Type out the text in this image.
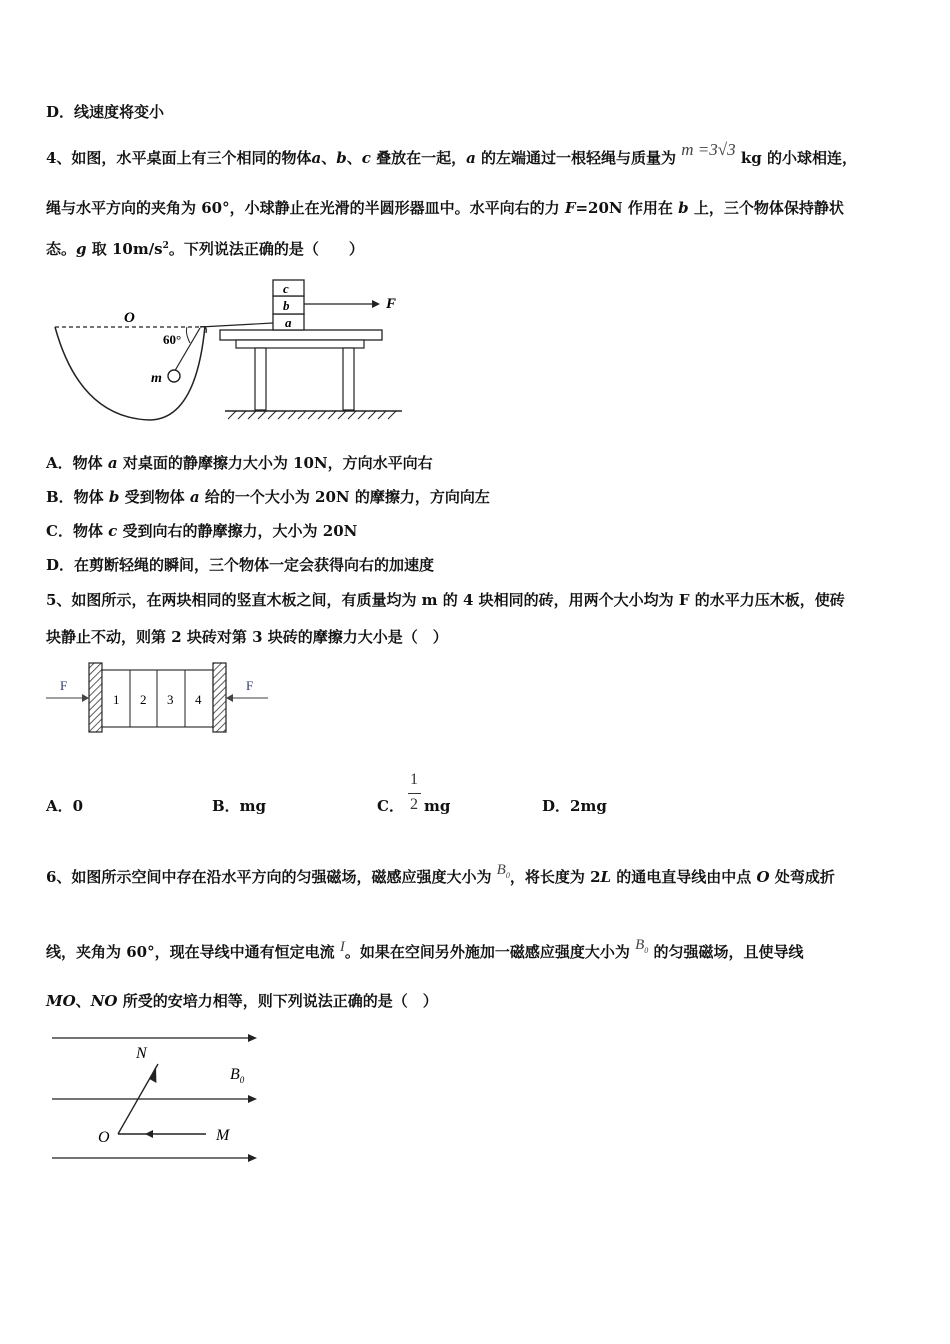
D．线速度将变小
4、如图，水平桌面上有三个相同的物体a、b、c 叠放在一起，a 的左端通过一根轻绳与质量为 m =3√3 kg 的小球相连，
绳与水平方向的夹角为 60°，小球静止在光滑的半圆形器皿中。水平向右的力 F=20N 作用在 b 上，三个物体保持静状
态。g 取 $10m/s^2$。下列说法正确的是（　　）
O
60°
m
c
b
a
F
A．物体 a 对桌面的静摩擦力大小为 10N，方向水平向右
B．物体 b 受到物体 a 给的一个大小为 20N 的摩擦力，方向向左
C．物体 c 受到向右的静摩擦力，大小为 20N
D．在剪断轻绳的瞬间，三个物体一定会获得向右的加速度
5、如图所示，在两块相同的竖直木板之间，有质量均为 m 的 4 块相同的砖，用两个大小均为 F 的水平力压木板，使砖
块静止不动，则第 2 块砖对第 3 块砖的摩擦力大小是（　）
F
1 2 3 4
F
A．0	B．mg	C．
1
2 mg	D．2mg
6、如图所示空间中存在沿水平方向的匀强磁场，磁感应强度大小为 $B_0$，将长度为 2L 的通电直导线由中点 O 处弯成折
线，夹角为 60°，现在导线中通有恒定电流 I。如果在空间另外施加一磁感应强度大小为 $B_0$ 的匀强磁场，且使导线
MO、NO 所受的安培力相等，则下列说法正确的是（　）
N
$B_0$
O	M
